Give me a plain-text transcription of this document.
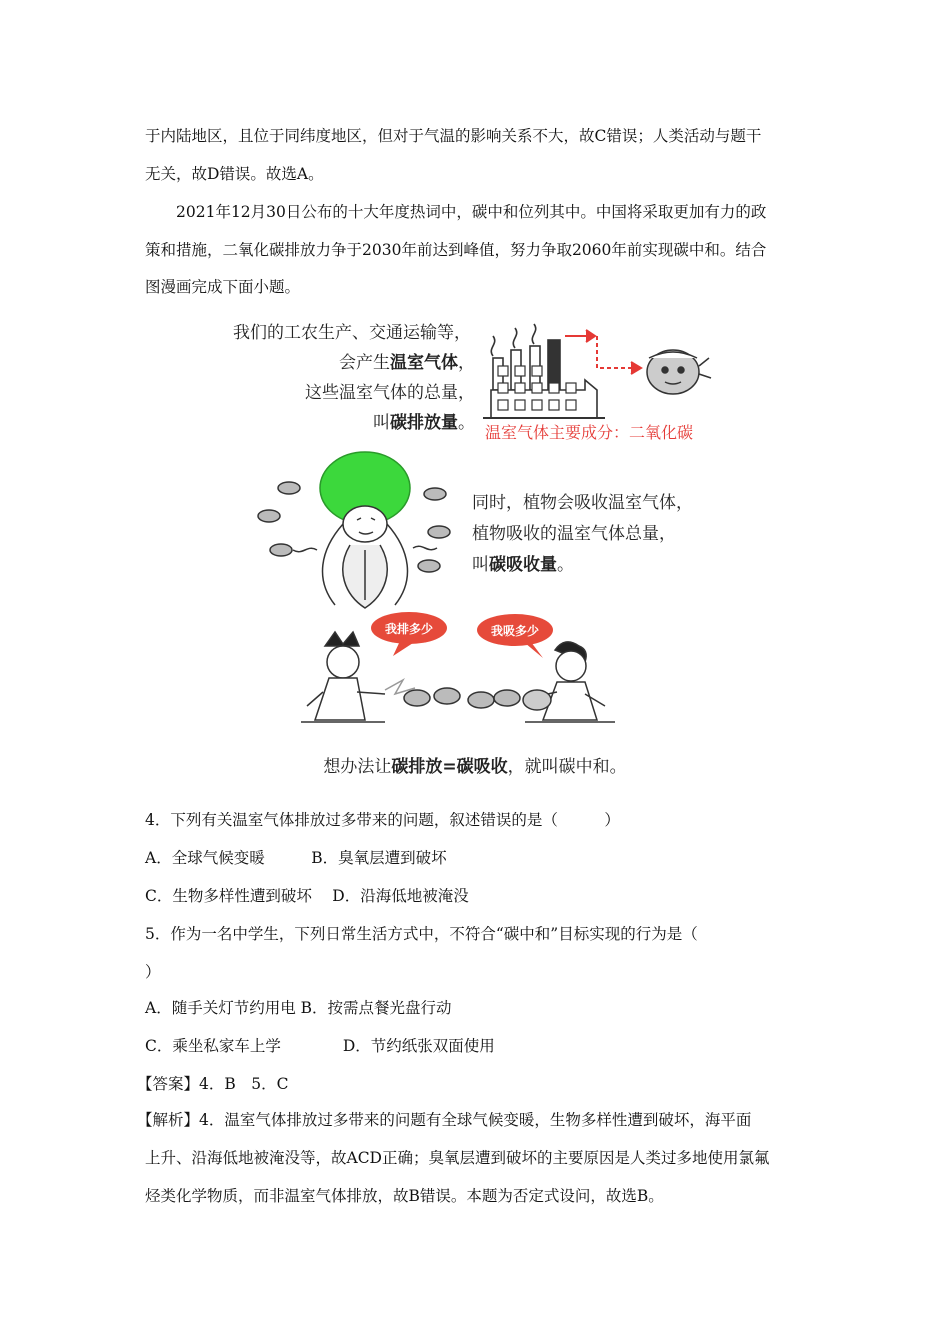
于内陆地区，且位于同纬度地区，但对于气温的影响关系不大，故C错误；人类活动与题干
无关，故D错误。故选A。
2021年12月30日公布的十大年度热词中，碳中和位列其中。中国将采取更加有力的政
策和措施，二氧化碳排放力争于2030年前达到峰值，努力争取2060年前实现碳中和。结合
图漫画完成下面小题。
我们的工农生产、交通运输等，
会产生温室气体，
这些温室气体的总量，
叫碳排放量。 温室气体主要成分：二氧化碳
同时，植物会吸收温室气体，
植物吸收的温室气体总量，
叫碳吸收量。
我排多少	我吸多少
想办法让碳排放=碳吸收，就叫碳中和。
4．下列有关温室气体排放过多带来的问题，叙述错误的是（　　　）
A．全球气候变暖　　　B．臭氧层遭到破坏
C．生物多样性遭到破坏　 D．沿海低地被淹没
5．作为一名中学生，下列日常生活方式中，不符合“碳中和”目标实现的行为是（
）
A．随手关灯节约用电 B．按需点餐光盘行动
C．乘坐私家车上学　　　　D．节约纸张双面使用
【答案】4．B　5．C
【解析】4．温室气体排放过多带来的问题有全球气候变暖，生物多样性遭到破坏，海平面
上升、沿海低地被淹没等，故ACD正确；臭氧层遭到破坏的主要原因是人类过多地使用氯氟
烃类化学物质，而非温室气体排放，故B错误。本题为否定式设问，故选B。
